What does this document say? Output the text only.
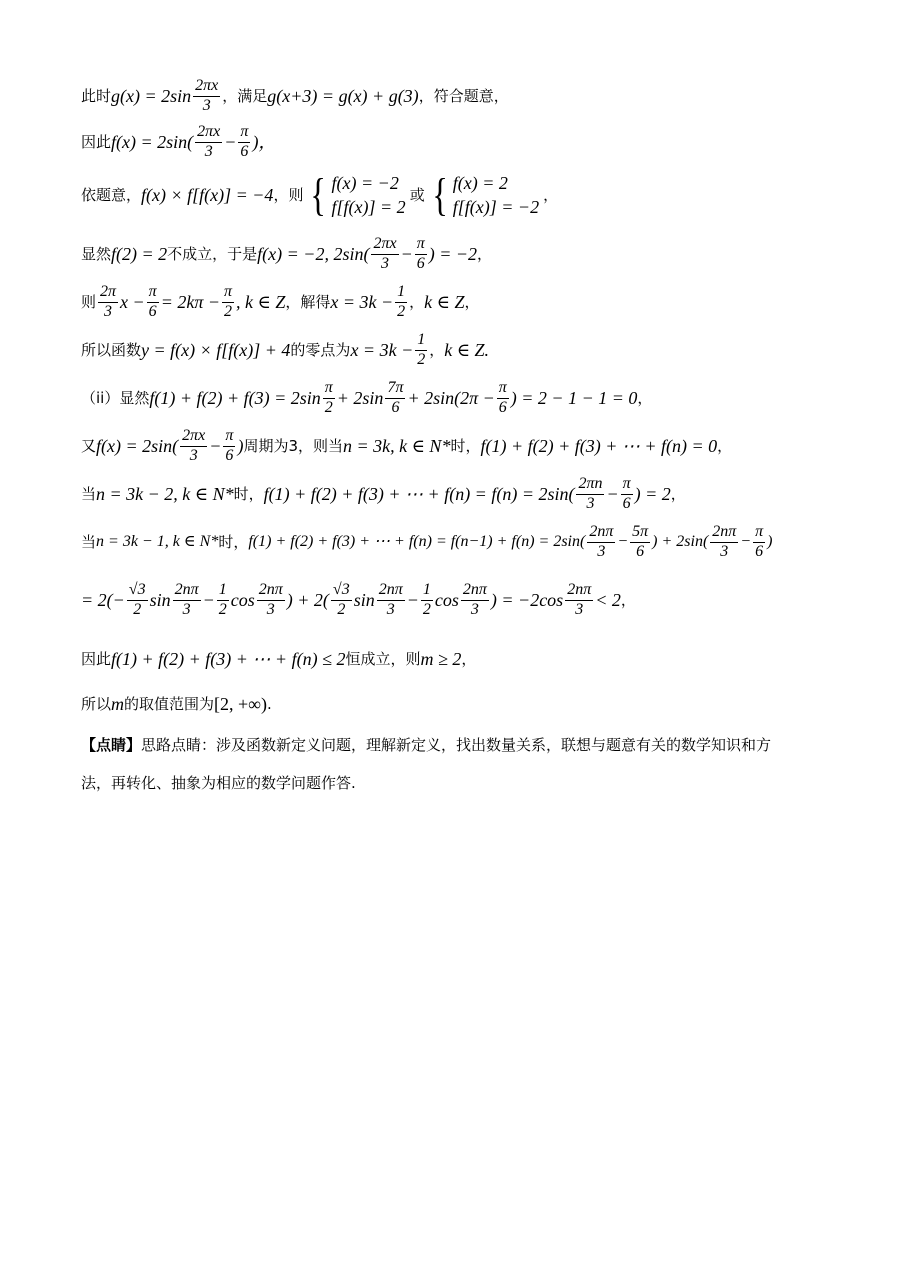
此时 $g(x) = 2\sin \frac{2\pi x}{3}$ ，满足 g(x+3) = g(x) + g(3) ，符合题意，
因此 $f(x) = 2\sin( \frac{2\pi x}{3} - \frac{\pi}{6}$ )，
依题意， f(x) × f[f(x)] = −4 ，则 { f(x) = −2
f[f(x)] = 2
或 { f(x) = 2
f[f(x)] = −2
，
显然 f(2) = 2 不成立，于是 f(x) = −2, $2\sin( \frac{2\pi x}{3} - \frac{\pi}{6}$ ) = −2 ，
则 $\frac{2\pi}{3}$ $x - \frac{\pi}{6} = 2k\pi - \frac{\pi}{2}$ , k ∈ Z ，解得 $x = 3k - \frac{1}{2}$ ， k ∈ Z ，
所以函数 y = f(x) × f[f(x)] + 4 的零点为 $x = 3k - \frac{1}{2}$ ， k ∈ Z.
（ii）显然 $f(1) + f(2) + f(3) = 2\sin \frac{\pi}{2} + 2\sin \frac{7\pi}{6} + 2\sin(2\pi - \frac{\pi}{6}$ ) = 2 − 1 − 1 = 0 ，
又 $f(x) = 2\sin( \frac{2\pi x}{3} - \frac{\pi}{6}$ ) 周期为3，则当 n = 3k, k ∈ N* 时， f(1) + f(2) + f(3) + ⋯ + f(n) = 0 ，
当 n = 3k − 2, k ∈ N* 时， f(1) + f(2) + f(3) + ⋯ + $f(n) = f(n) = 2\sin( \frac{2\pi n}{3} - \frac{\pi}{6}$ ) = 2 ，
当 n = 3k − 1, k ∈ N* 时， f(1) + f(2) + f(3) + ⋯ + $f(n) = f(n-1) + f(n) = 2\sin( \frac{2n\pi}{3} - \frac{5\pi}{6}$ ) + $2\sin( \frac{2n\pi}{3} - \frac{\pi}{6}$ )
= $2(- \frac{√3}{2}$ $\sin \frac{2n\pi}{3} - \frac{1}{2}$ $\cos \frac{2n\pi}{3}$ ) + $2( \frac{√3}{2}$ $\sin \frac{2n\pi}{3} - \frac{1}{2}$ $\cos \frac{2n\pi}{3}$ ) = $-2\cos \frac{2n\pi}{3} < 2$ ，
因此 f(1) + f(2) + f(3) + ⋯ + f(n) ≤ 2 恒成立，则 m ≥ 2 ，
所以 m 的取值范围为 [2, +∞) .
【点睛】 思路点睛：涉及函数新定义问题，理解新定义，找出数量关系，联想与题意有关的数学知识和方
法，再转化、抽象为相应的数学问题作答.
